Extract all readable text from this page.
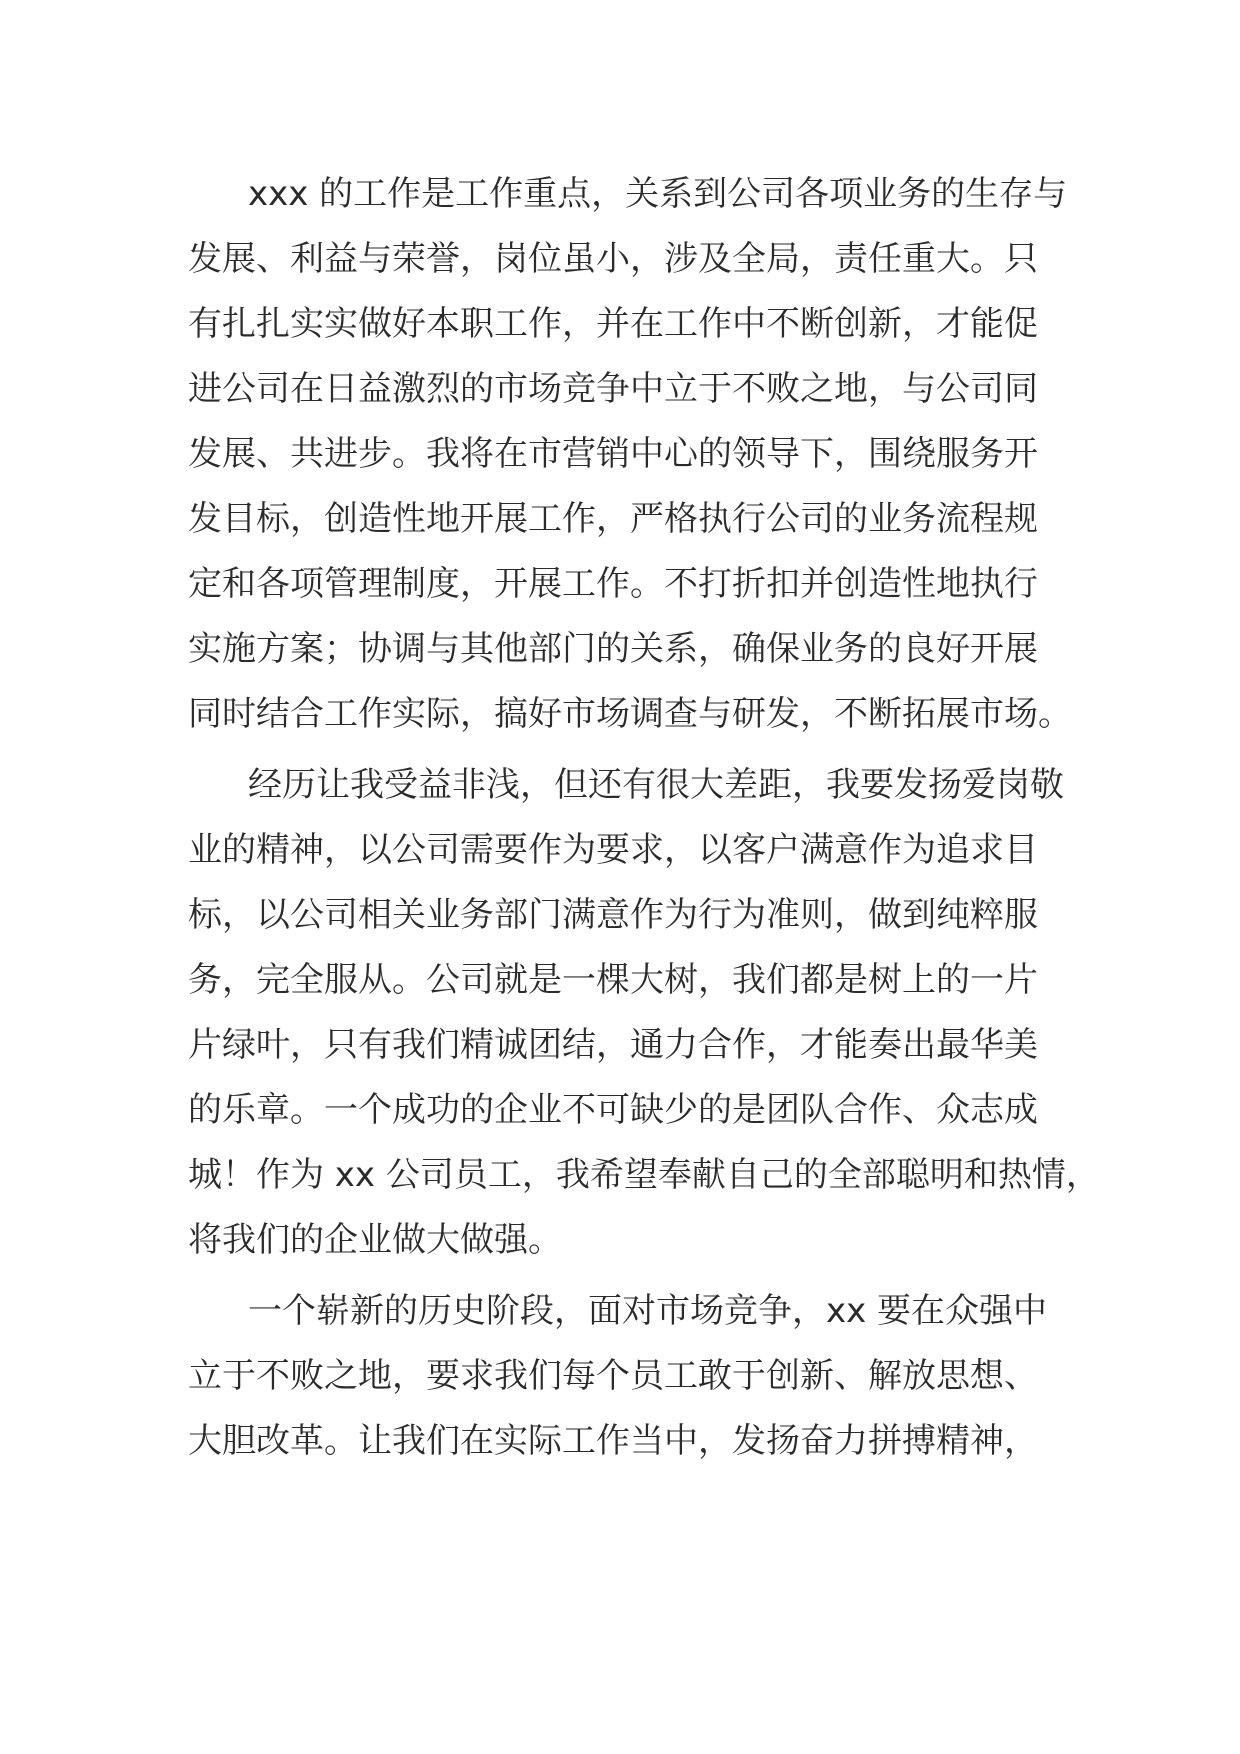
xxx 的工作是工作重点，关系到公司各项业务的生存与
发展、利益与荣誉，岗位虽小，涉及全局，责任重大。只
有扎扎实实做好本职工作，并在工作中不断创新，才能促
进公司在日益激烈的市场竞争中立于不败之地，与公司同
发展、共进步。我将在市营销中心的领导下，围绕服务开
发目标，创造性地开展工作，严格执行公司的业务流程规
定和各项管理制度，开展工作。不打折扣并创造性地执行
实施方案；协调与其他部门的关系，确保业务的良好开展
同时结合工作实际，搞好市场调查与研发，不断拓展市场。

经历让我受益非浅，但还有很大差距，我要发扬爱岗敬
业的精神，以公司需要作为要求，以客户满意作为追求目
标，以公司相关业务部门满意作为行为准则，做到纯粹服
务，完全服从。公司就是一棵大树，我们都是树上的一片
片绿叶，只有我们精诚团结，通力合作，才能奏出最华美
的乐章。一个成功的企业不可缺少的是团队合作、众志成
城！作为 xx 公司员工，我希望奉献自己的全部聪明和热情，
将我们的企业做大做强。

一个崭新的历史阶段，面对市场竞争，xx 要在众强中
立于不败之地，要求我们每个员工敢于创新、解放思想、
大胆改革。让我们在实际工作当中，发扬奋力拼搏精神，
